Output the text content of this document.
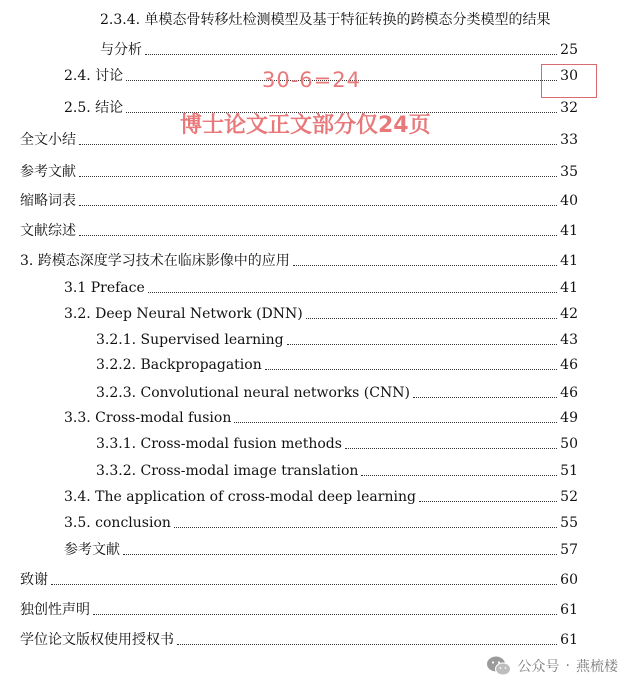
2.3.4. 单模态骨转移灶检测模型及基于特征转换的跨模态分类模型的结果
与分析	25
2.4. 讨论	30
2.5. 结论	32
全文小结	33
参考文献	35
缩略词表	40
文献综述	41
3. 跨模态深度学习技术在临床影像中的应用	41
3.1 Preface	41
3.2. Deep Neural Network (DNN)	42
3.2.1. Supervised learning	43
3.2.2. Backpropagation	46
3.2.3. Convolutional neural networks (CNN)	46
3.3. Cross-modal fusion	49
3.3.1. Cross-modal fusion methods	50
3.3.2. Cross-modal image translation	51
3.4. The application of cross-modal deep learning	52
3.5. conclusion	55
参考文献	57
致谢	60
独创性声明	61
学位论文版权使用授权书	61
30-6=24
博士论文正文部分仅24页
公众号 · 燕梳楼
